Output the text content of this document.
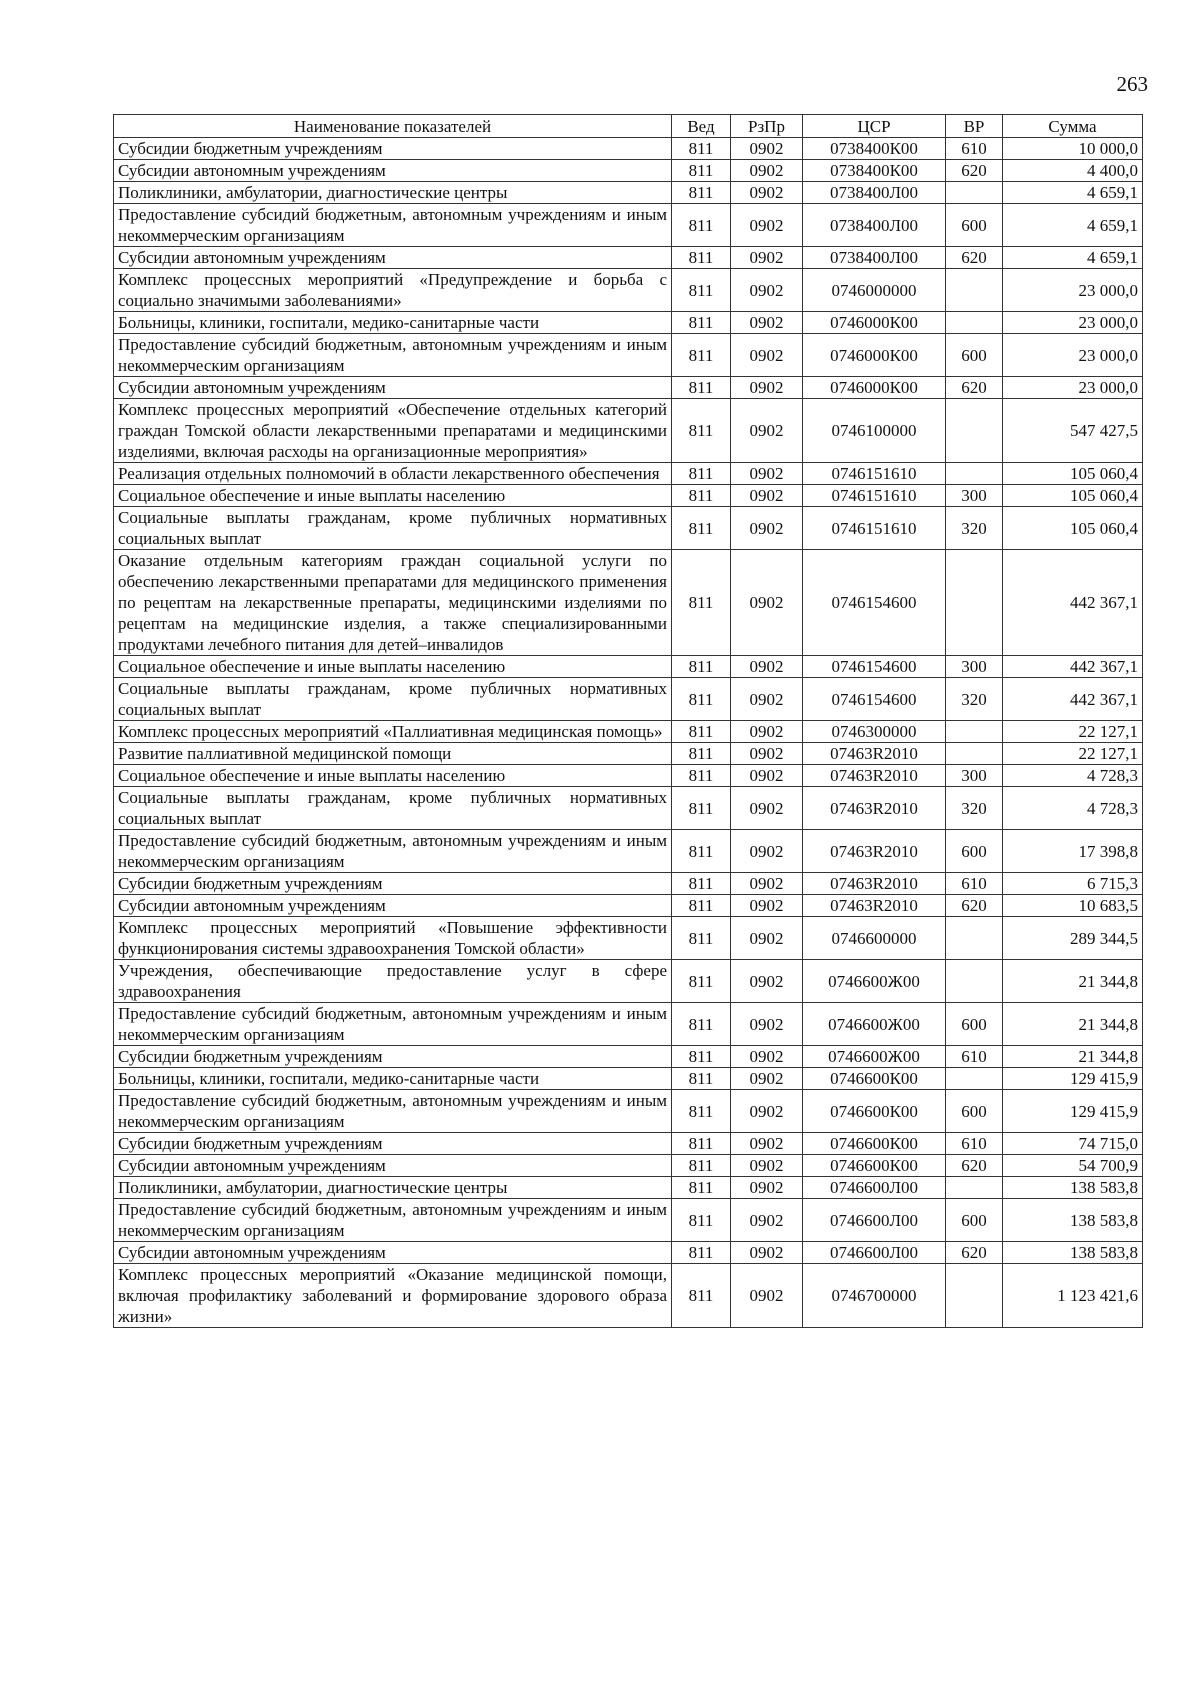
263
Наименование показателей	Вед	РзПр	ЦСР	ВР	Сумма
Субсидии бюджетным учреждениям	811	0902	0738400К00	610	10 000,0
Субсидии автономным учреждениям	811	0902	0738400К00	620	4 400,0
Поликлиники, амбулатории, диагностические центры	811	0902	0738400Л00		4 659,1
Предоставление субсидий бюджетным, автономным учреждениям и иным некоммерческим организациям	811	0902	0738400Л00	600	4 659,1
Субсидии автономным учреждениям	811	0902	0738400Л00	620	4 659,1
Комплекс процессных мероприятий «Предупреждение и борьба с социально значимыми заболеваниями»	811	0902	0746000000		23 000,0
Больницы, клиники, госпитали, медико-санитарные части	811	0902	0746000К00		23 000,0
Предоставление субсидий бюджетным, автономным учреждениям и иным некоммерческим организациям	811	0902	0746000К00	600	23 000,0
Субсидии автономным учреждениям	811	0902	0746000К00	620	23 000,0
Комплекс процессных мероприятий «Обеспечение отдельных категорий граждан Томской области лекарственными препаратами и медицинскими изделиями, включая расходы на организационные мероприятия»	811	0902	0746100000		547 427,5
Реализация отдельных полномочий в области лекарственного обеспечения	811	0902	0746151610		105 060,4
Социальное обеспечение и иные выплаты населению	811	0902	0746151610	300	105 060,4
Социальные выплаты гражданам, кроме публичных нормативных социальных выплат	811	0902	0746151610	320	105 060,4
Оказание отдельным категориям граждан социальной услуги по обеспечению лекарственными препаратами для медицинского применения по рецептам на лекарственные препараты, медицинскими изделиями по рецептам на медицинские изделия, а также специализированными продуктами лечебного питания для детей–инвалидов	811	0902	0746154600		442 367,1
Социальное обеспечение и иные выплаты населению	811	0902	0746154600	300	442 367,1
Социальные выплаты гражданам, кроме публичных нормативных социальных выплат	811	0902	0746154600	320	442 367,1
Комплекс процессных мероприятий «Паллиативная медицинская помощь»	811	0902	0746300000		22 127,1
Развитие паллиативной медицинской помощи	811	0902	07463R2010		22 127,1
Социальное обеспечение и иные выплаты населению	811	0902	07463R2010	300	4 728,3
Социальные выплаты гражданам, кроме публичных нормативных социальных выплат	811	0902	07463R2010	320	4 728,3
Предоставление субсидий бюджетным, автономным учреждениям и иным некоммерческим организациям	811	0902	07463R2010	600	17 398,8
Субсидии бюджетным учреждениям	811	0902	07463R2010	610	6 715,3
Субсидии автономным учреждениям	811	0902	07463R2010	620	10 683,5
Комплекс процессных мероприятий «Повышение эффективности функционирования системы здравоохранения Томской области»	811	0902	0746600000		289 344,5
Учреждения, обеспечивающие предоставление услуг в сфере здравоохранения	811	0902	0746600Ж00		21 344,8
Предоставление субсидий бюджетным, автономным учреждениям и иным некоммерческим организациям	811	0902	0746600Ж00	600	21 344,8
Субсидии бюджетным учреждениям	811	0902	0746600Ж00	610	21 344,8
Больницы, клиники, госпитали, медико-санитарные части	811	0902	0746600К00		129 415,9
Предоставление субсидий бюджетным, автономным учреждениям и иным некоммерческим организациям	811	0902	0746600К00	600	129 415,9
Субсидии бюджетным учреждениям	811	0902	0746600К00	610	74 715,0
Субсидии автономным учреждениям	811	0902	0746600К00	620	54 700,9
Поликлиники, амбулатории, диагностические центры	811	0902	0746600Л00		138 583,8
Предоставление субсидий бюджетным, автономным учреждениям и иным некоммерческим организациям	811	0902	0746600Л00	600	138 583,8
Субсидии автономным учреждениям	811	0902	0746600Л00	620	138 583,8
Комплекс процессных мероприятий «Оказание медицинской помощи, включая профилактику заболеваний и формирование здорового образа жизни»	811	0902	0746700000		1 123 421,6
